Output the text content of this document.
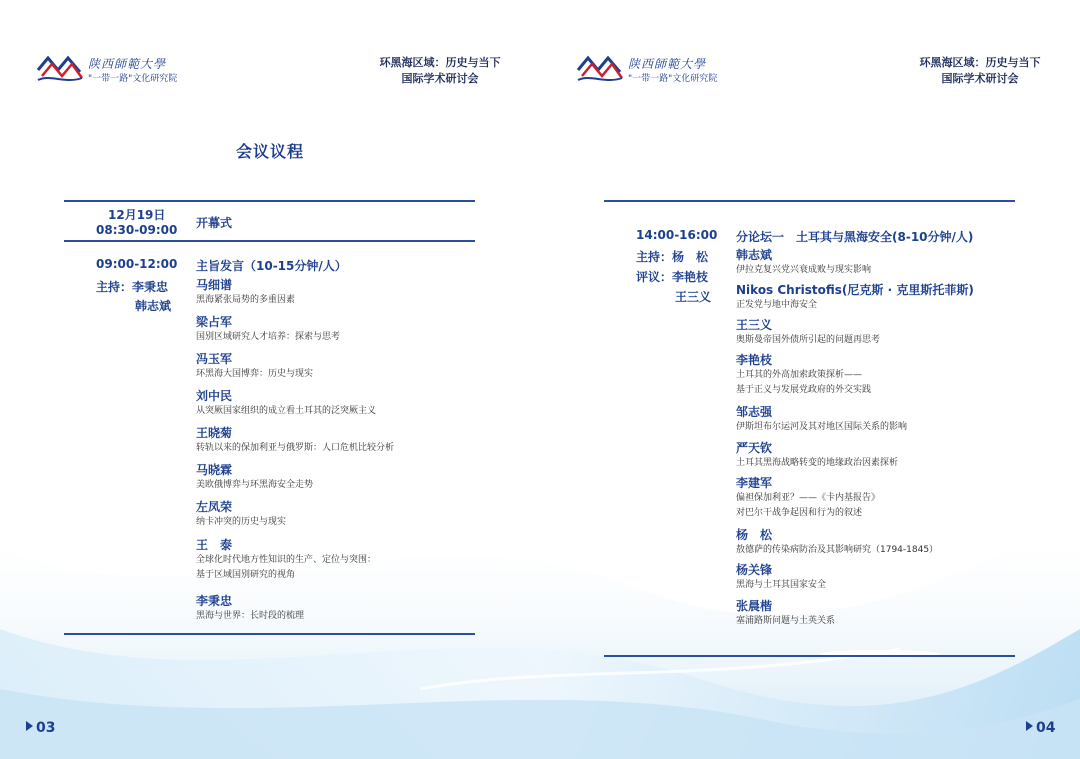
陕西師範大學
"一带一路"文化研究院
环黑海区域：历史与当下
国际学术研讨会
会议议程
12月19日
08:30-09:00 开幕式
09:00-12:00
主持：李秉忠
韩志斌
主旨发言（10-15分钟/人）
马细谱
黑海紧张局势的多重因素
梁占军
国别区域研究人才培养：探索与思考
冯玉军
环黑海大国博弈：历史与现实
刘中民
从突厥国家组织的成立看土耳其的泛突厥主义
王晓菊
转轨以来的保加利亚与俄罗斯：人口危机比较分析
马晓霖
美欧俄博弈与环黑海安全走势
左凤荣
纳卡冲突的历史与现实
王　泰
全球化时代地方性知识的生产、定位与突围：
基于区域国别研究的视角
李秉忠
黑海与世界：长时段的梳理
03
陕西師範大學
"一带一路"文化研究院
环黑海区域：历史与当下
国际学术研讨会
14:00-16:00
主持：杨　松
评议：李艳枝
王三义
分论坛一　土耳其与黑海安全(8-10分钟/人)
韩志斌
伊拉克复兴党兴衰成败与现实影响
Nikos Christofis(尼克斯 · 克里斯托菲斯)
正发党与地中海安全
王三义
奥斯曼帝国外债所引起的问题再思考
李艳枝
土耳其的外高加索政策探析——
基于正义与发展党政府的外交实践
邹志强
伊斯坦布尔运河及其对地区国际关系的影响
严天钦
土耳其黑海战略转变的地缘政治因素探析
李建军
偏袒保加利亚？——《卡内基报告》
对巴尔干战争起因和行为的叙述
杨　松
敖德萨的传染病防治及其影响研究（1794-1845）
杨关锋
黑海与土耳其国家安全
张晨楷
塞浦路斯问题与土英关系
04
